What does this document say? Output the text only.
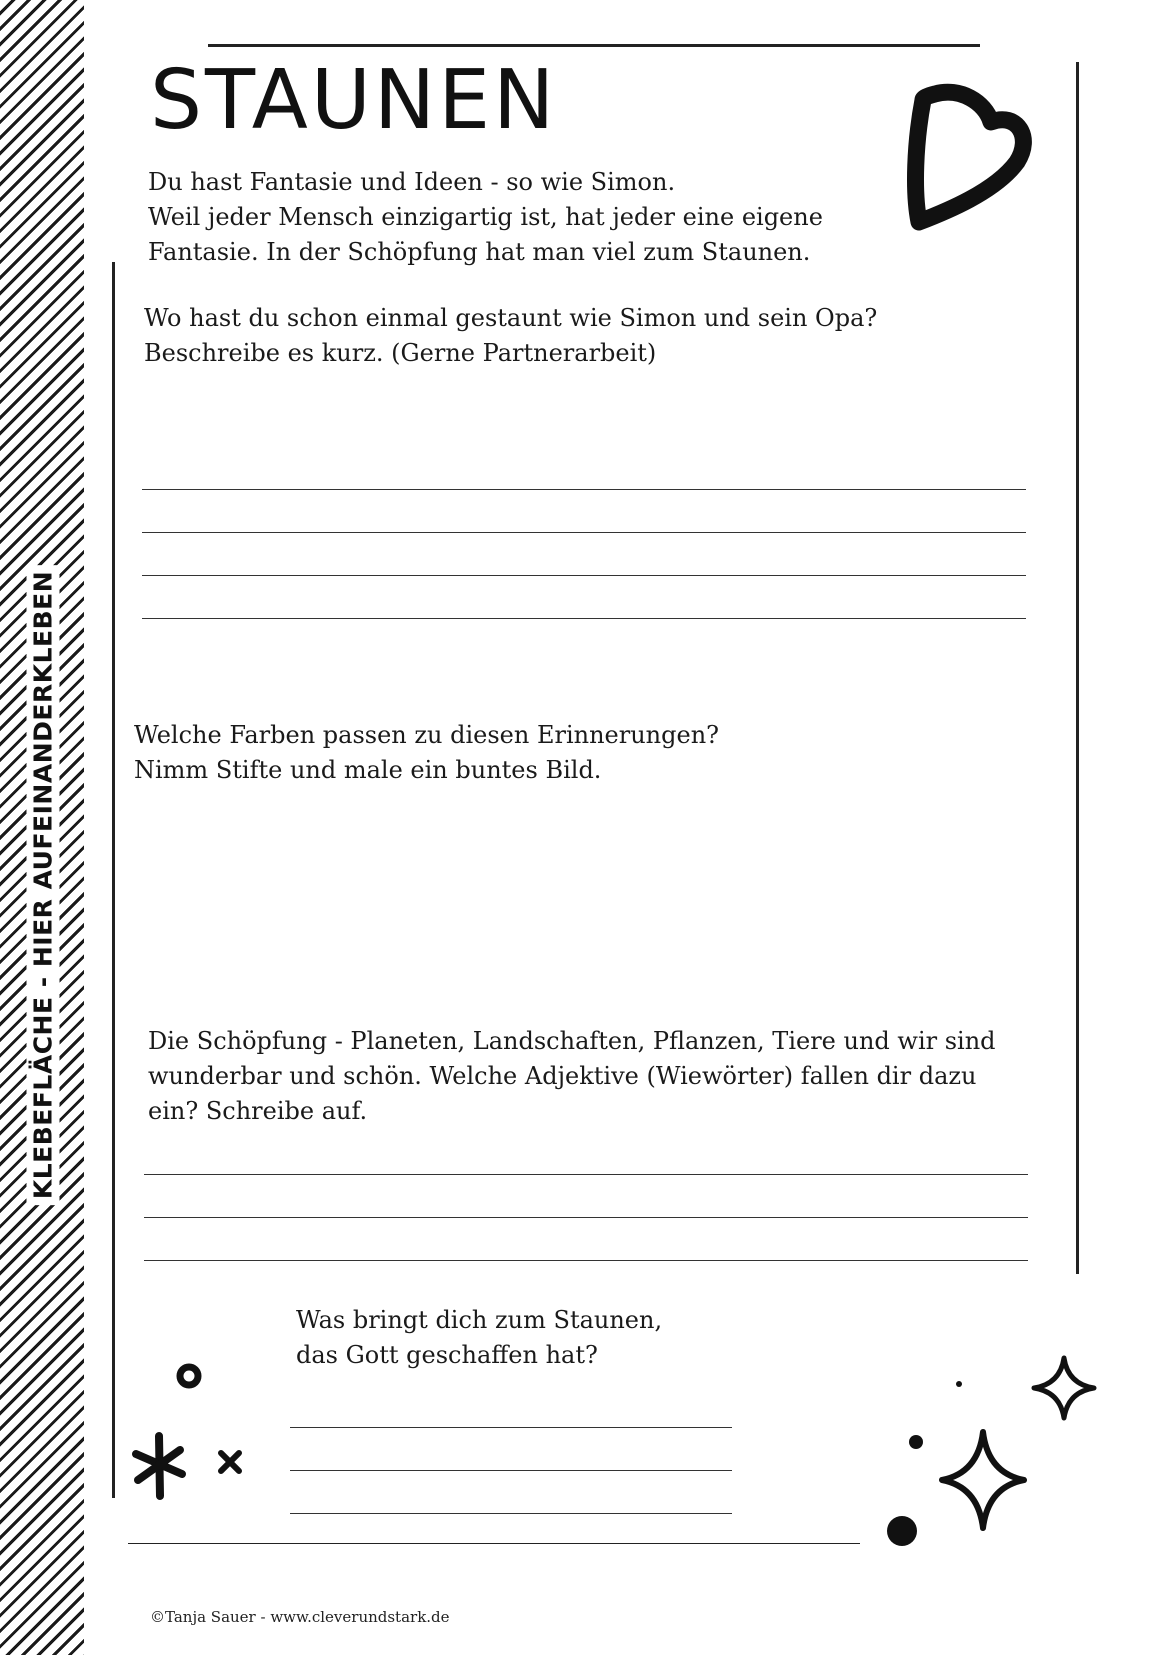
KLEBEFLÄCHE - HIER AUFEINANDERKLEBEN
STAUNEN
Du hast Fantasie und Ideen - so wie Simon.
Weil jeder Mensch einzigartig ist, hat jeder eine eigene
Fantasie. In der Schöpfung hat man viel zum Staunen.
Wo hast du schon einmal gestaunt wie Simon und sein Opa?
Beschreibe es kurz. (Gerne Partnerarbeit)
Welche Farben passen zu diesen Erinnerungen?
Nimm Stifte und male ein buntes Bild.
Die Schöpfung - Planeten, Landschaften, Pflanzen, Tiere und wir sind
wunderbar und schön. Welche Adjektive (Wiewörter) fallen dir dazu
ein? Schreibe auf.
Was bringt dich zum Staunen,
das Gott geschaffen hat?
©Tanja Sauer - www.cleverundstark.de
